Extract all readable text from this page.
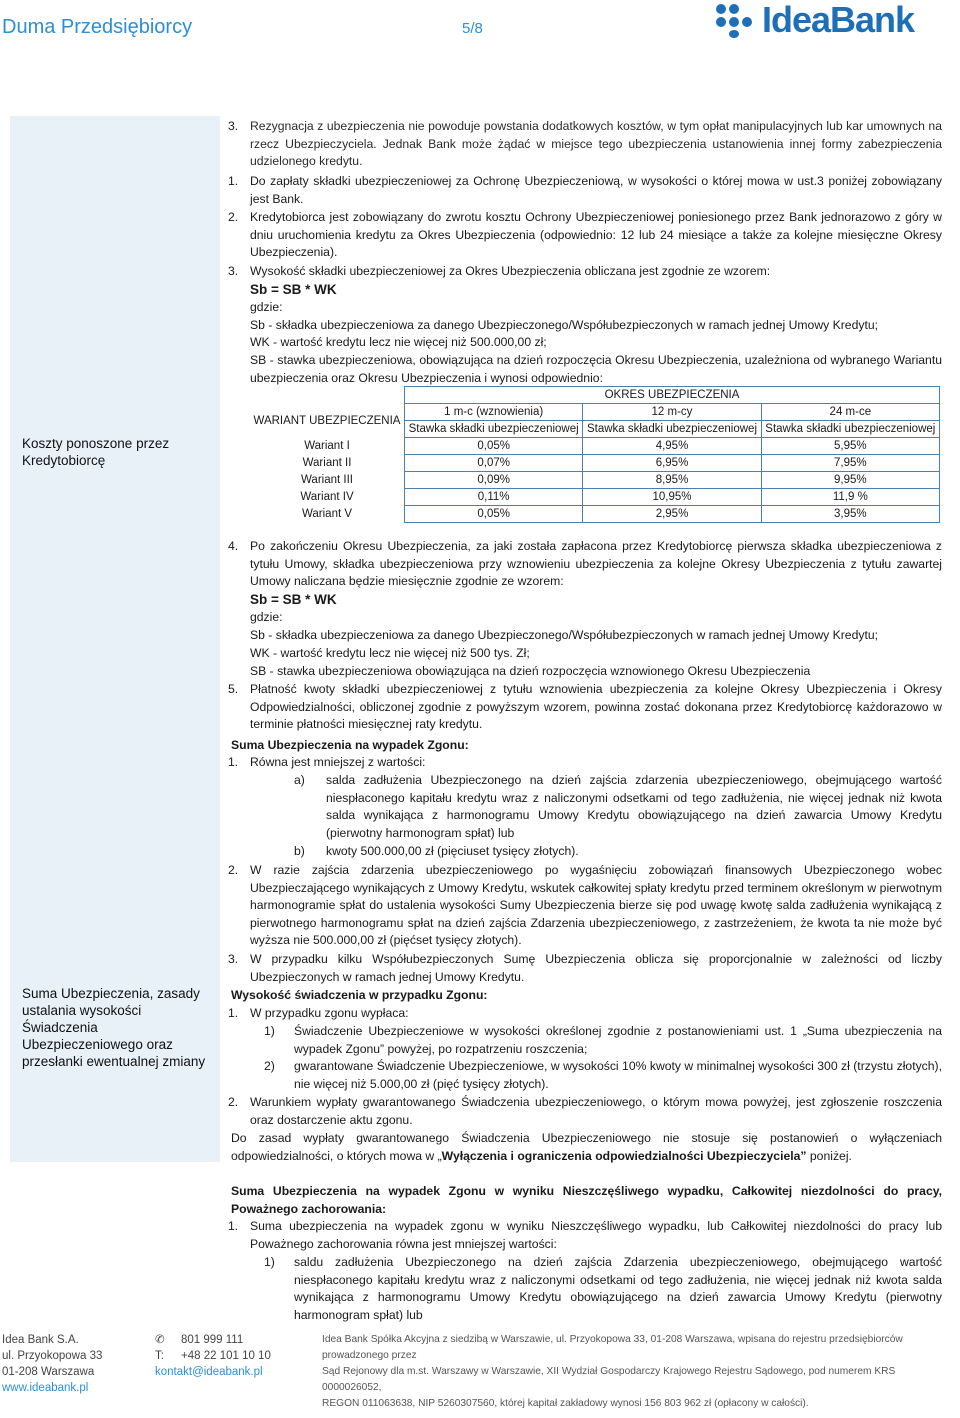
Duma Przedsiębiorcy	5/8	IdeaBank
Koszty ponoszone przez
Kredytobiorcę
Suma Ubezpieczenia, zasady
ustalania wysokości
Świadczenia
Ubezpieczeniowego oraz
przesłanki ewentualnej zmiany
3. Rezygnacja z ubezpieczenia nie powoduje powstania dodatkowych kosztów, w tym opłat manipulacyjnych lub kar umownych na rzecz Ubezpieczyciela. Jednak Bank może żądać w miejsce tego ubezpieczenia ustanowienia innej formy zabezpieczenia udzielonego kredytu.
1. Do zapłaty składki ubezpieczeniowej za Ochronę Ubezpieczeniową, w wysokości o której mowa w ust.3 poniżej zobowiązany jest Bank.
2. Kredytobiorca jest zobowiązany do zwrotu kosztu Ochrony Ubezpieczeniowej poniesionego przez Bank jednorazowo z góry w dniu uruchomienia kredytu za Okres Ubezpieczenia (odpowiednio: 12 lub 24 miesiące a także za kolejne miesięczne Okresy Ubezpieczenia).
3. Wysokość składki ubezpieczeniowej za Okres Ubezpieczenia obliczana jest zgodnie ze wzorem:
Sb = SB * WK
gdzie:
Sb - składka ubezpieczeniowa za danego Ubezpieczonego/Współubezpieczonych w ramach jednej Umowy Kredytu;
WK - wartość kredytu lecz nie więcej niż 500.000,00 zł;
SB - stawka ubezpieczeniowa, obowiązująca na dzień rozpoczęcia Okresu Ubezpieczenia, uzależniona od wybranego Wariantu ubezpieczenia oraz Okresu Ubezpieczenia i wynosi odpowiednio:
	OKRES UBEZPIECZENIA		
WARIANT UBEZPIECZENIA	1 m-c (wznowienia)	12 m-cy	24 m-ce
	Stawka składki ubezpieczeniowej	Stawka składki ubezpieczeniowej	Stawka składki ubezpieczeniowej
Wariant I	0,05%	4,95%	5,95%
Wariant II	0,07%	6,95%	7,95%
Wariant III	0,09%	8,95%	9,95%
Wariant IV	0,11%	10,95%	11,9 %
Wariant V	0,05%	2,95%	3,95%
4. Po zakończeniu Okresu Ubezpieczenia, za jaki została zapłacona przez Kredytobiorcę pierwsza składka ubezpieczeniowa z tytułu Umowy, składka ubezpieczeniowa przy wznowieniu ubezpieczenia za kolejne Okresy Ubezpieczenia z tytułu zawartej Umowy naliczana będzie miesięcznie zgodnie ze wzorem:
Sb = SB * WK
gdzie:
Sb - składka ubezpieczeniowa za danego Ubezpieczonego/Współubezpieczonych w ramach jednej Umowy Kredytu;
WK - wartość kredytu lecz nie więcej niż 500 tys. Zł;
SB - stawka ubezpieczeniowa obowiązująca na dzień rozpoczęcia wznowionego Okresu Ubezpieczenia
5. Płatność kwoty składki ubezpieczeniowej z tytułu wznowienia ubezpieczenia za kolejne Okresy Ubezpieczenia i Okresy Odpowiedzialności, obliczonej zgodnie z powyższym wzorem, powinna zostać dokonana przez Kredytobiorcę każdorazowo w terminie płatności miesięcznej raty kredytu.
Suma Ubezpieczenia na wypadek Zgonu:
1. Równa jest mniejszej z wartości:
a) salda zadłużenia Ubezpieczonego na dzień zajścia zdarzenia ubezpieczeniowego, obejmującego wartość niespłaconego kapitału kredytu wraz z naliczonymi odsetkami od tego zadłużenia, nie więcej jednak niż kwota salda wynikająca z harmonogramu Umowy Kredytu obowiązującego na dzień zawarcia Umowy Kredytu (pierwotny harmonogram spłat) lub
b) kwoty 500.000,00 zł (pięciuset tysięcy złotych).
2. W razie zajścia zdarzenia ubezpieczeniowego po wygaśnięciu zobowiązań finansowych Ubezpieczonego wobec Ubezpieczającego wynikających z Umowy Kredytu, wskutek całkowitej spłaty kredytu przed terminem określonym w pierwotnym harmonogramie spłat do ustalenia wysokości Sumy Ubezpieczenia bierze się pod uwagę kwotę salda zadłużenia wynikającą z pierwotnego harmonogramu spłat na dzień zajścia Zdarzenia ubezpieczeniowego, z zastrzeżeniem, że kwota ta nie może być wyższa nie 500.000,00 zł (pięćset tysięcy złotych).
3. W przypadku kilku Współubezpieczonych Sumę Ubezpieczenia oblicza się proporcjonalnie w zależności od liczby Ubezpieczonych w ramach jednej Umowy Kredytu.
Wysokość świadczenia w przypadku Zgonu:
1. W przypadku zgonu wypłaca:
1) Świadczenie Ubezpieczeniowe w wysokości określonej zgodnie z postanowieniami ust. 1 „Suma ubezpieczenia na wypadek Zgonu” powyżej, po rozpatrzeniu roszczenia;
2) gwarantowane Świadczenie Ubezpieczeniowe, w wysokości 10% kwoty w minimalnej wysokości 300 zł (trzystu złotych), nie więcej niż 5.000,00 zł (pięć tysięcy złotych).
2. Warunkiem wypłaty gwarantowanego Świadczenia ubezpieczeniowego, o którym mowa powyżej, jest zgłoszenie roszczenia oraz dostarczenie aktu zgonu.
Do zasad wypłaty gwarantowanego Świadczenia Ubezpieczeniowego nie stosuje się postanowień o wyłączeniach odpowiedzialności, o których mowa w „Wyłączenia i ograniczenia odpowiedzialności Ubezpieczyciela” poniżej.
Suma Ubezpieczenia na wypadek Zgonu w wyniku Nieszczęśliwego wypadku, Całkowitej niezdolności do pracy, Poważnego zachorowania:
1. Suma ubezpieczenia na wypadek zgonu w wyniku Nieszczęśliwego wypadku, lub Całkowitej niezdolności do pracy lub Poważnego zachorowania równa jest mniejszej wartości:
1) saldu zadłużenia Ubezpieczonego na dzień zajścia Zdarzenia ubezpieczeniowego, obejmującego wartość niespłaconego kapitału kredytu wraz z naliczonymi odsetkami od tego zadłużenia, nie więcej jednak niż kwota salda wynikająca z harmonogramu Umowy Kredytu obowiązującego na dzień zawarcia Umowy Kredytu (pierwotny harmonogram spłat) lub
Idea Bank S.A.
ul. Przyokopowa 33
01-208 Warszawa
www.ideabank.pl
✆ 801 999 111
T: +48 22 101 10 10
kontakt@ideabank.pl
Idea Bank Spółka Akcyjna z siedzibą w Warszawie, ul. Przyokopowa 33, 01-208 Warszawa, wpisana do rejestru przedsiębiorców prowadzonego przez
Sąd Rejonowy dla m.st. Warszawy w Warszawie, XII Wydział Gospodarczy Krajowego Rejestru Sądowego, pod numerem KRS 0000026052,
REGON 011063638, NIP 5260307560, której kapitał zakładowy wynosi 156 803 962 zł (opłacony w całości).
